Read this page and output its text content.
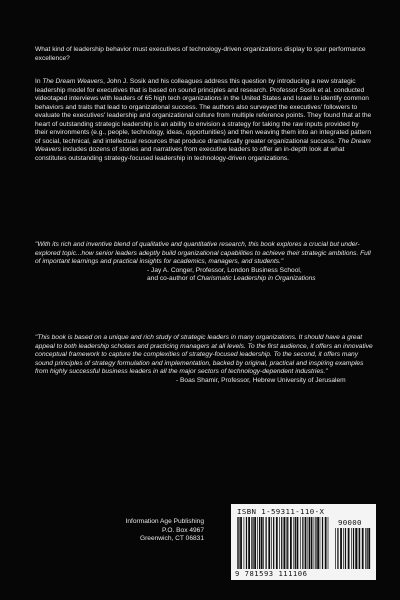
What kind of leadership behavior must executives of technology-driven organizations display to spur performance excellence?

In The Dream Weavers, John J. Sosik and his colleagues address this question by introducing a new strategic leadership model for executives that is based on sound principles and research. Professor Sosik et al. conducted videotaped interviews with leaders of 65 high tech organizations in the United States and Israel to identify common behaviors and traits that lead to organizational success. The authors also surveyed the executives' followers to evaluate the executives' leadership and organizational culture from multiple reference points. They found that at the heart of outstanding strategic leadership is an ability to envision a strategy for taking the raw inputs provided by their environments (e.g., people, technology, ideas, opportunities) and then weaving them into an integrated pattern of social, technical, and intellectual resources that produce dramatically greater organizational success. The Dream Weavers includes dozens of stories and narratives from executive leaders to offer an in-depth look at what constitutes outstanding strategy-focused leadership in technology-driven organizations.

"With its rich and inventive blend of qualitative and quantitative research, this book explores a crucial but under-explored topic...how senior leaders adeptly build organizational capabilities to achieve their strategic ambitions. Full of important learnings and practical insights for academics, managers, and students."

- Jay A. Conger, Professor, London Business School,
and co-author of Charismatic Leadership in Organizations

"This book is based on a unique and rich study of strategic leaders in many organizations. It should have a great appeal to both leadership scholars and practicing managers at all levels. To the first audience, it offers an innovative conceptual framework to capture the complexities of strategy-focused leadership. To the second, it offers many sound principles of strategy formulation and implementation, backed by original, practical and inspiring examples from highly successful business leaders in all the major sectors of technology-dependent industries."

- Boas Shamir, Professor, Hebrew University of Jerusalem
Information Age Publishing
P.O. Box 4967
Greenwich, CT 06831
ISBN 1-59311-110-X
90000
9 781593 111106
